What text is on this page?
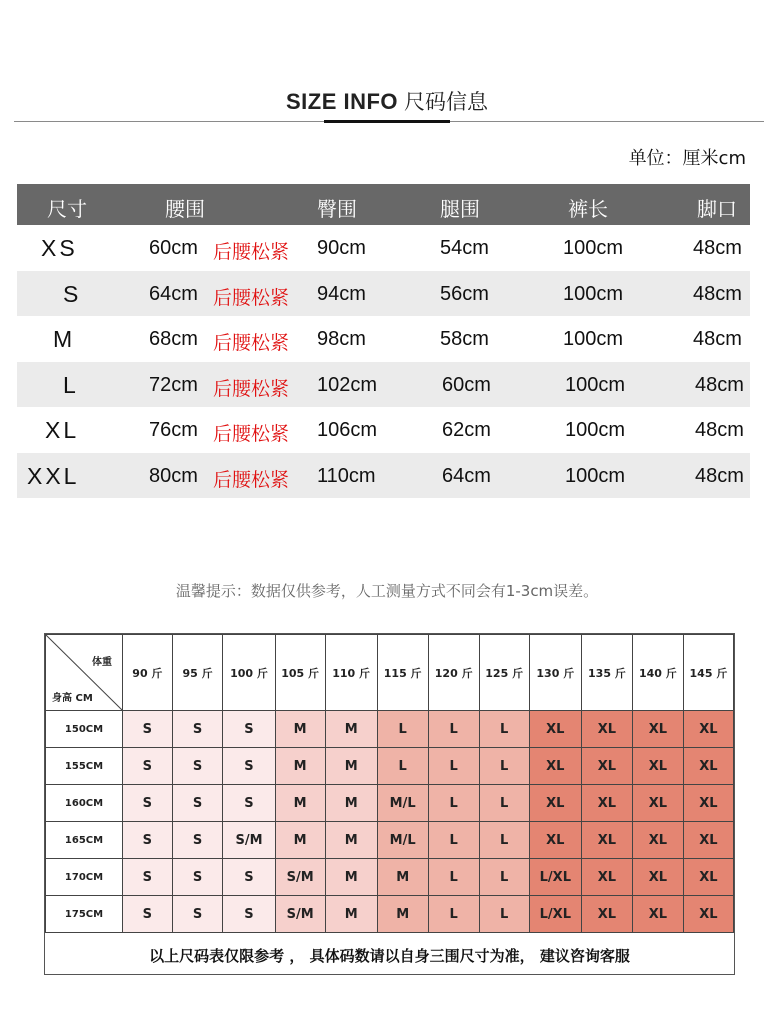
SIZE INFO 尺码信息
单位：厘米cm
尺寸	腰围	臀围	腿围	裤长	脚口
XS	60cm 后腰松紧 90cm	54cm	100cm	48cm
S	64cm 后腰松紧 94cm	56cm	100cm	48cm
M	68cm 后腰松紧 98cm	58cm	100cm	48cm
L	72cm 后腰松紧 102cm	60cm	100cm	48cm
XL	76cm 后腰松紧 106cm	62cm	100cm	48cm
XXL	80cm 后腰松紧 110cm	64cm	100cm	48cm
温馨提示：数据仅供参考，人工测量方式不同会有1-3cm误差。
体重
身高 CM	90 斤	95 斤	100 斤	105 斤	110 斤	115 斤	120 斤	125 斤	130 斤	135 斤	140 斤	145 斤
150CM	S	S	S	M	M	L	L	L	XL	XL	XL	XL
155CM	S	S	S	M	M	L	L	L	XL	XL	XL	XL
160CM	S	S	S	M	M	M/L	L	L	XL	XL	XL	XL
165CM	S	S	S/M	M	M	M/L	L	L	XL	XL	XL	XL
170CM	S	S	S	S/M	M	M	L	L	L/XL	XL	XL	XL
175CM	S	S	S	S/M	M	M	L	L	L/XL	XL	XL	XL
以上尺码表仅限参考 ， 具体码数请以自身三围尺寸为准， 建议咨询客服
